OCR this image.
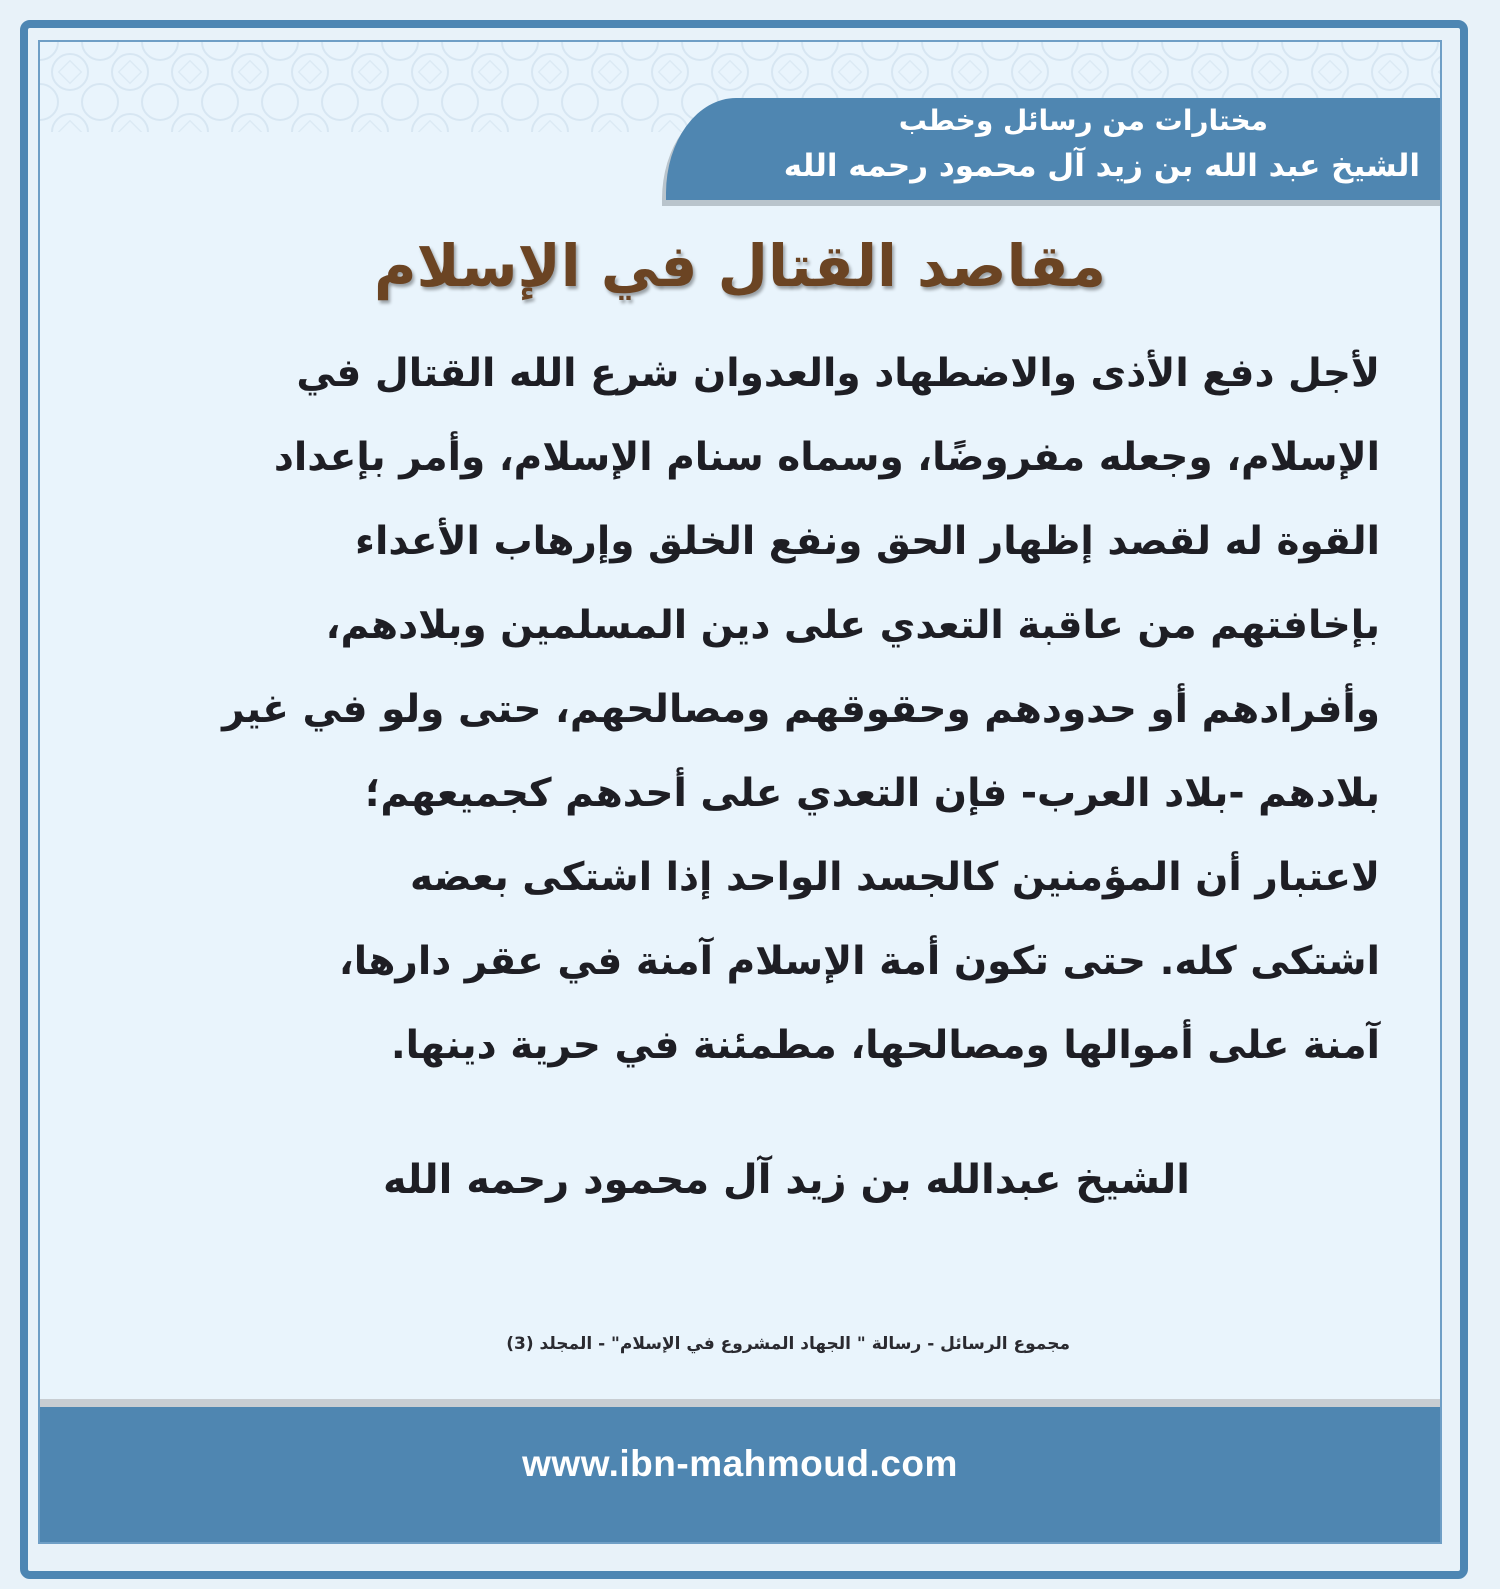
مختارات من رسائل وخطب
الشيخ عبد الله بن زيد آل محمود رحمه الله
مقاصد القتال في الإسلام
لأجل دفع الأذى والاضطهاد والعدوان شرع الله القتال في
الإسلام، وجعله مفروضًا، وسماه سنام الإسلام، وأمر بإعداد
القوة له لقصد إظهار الحق ونفع الخلق وإرهاب الأعداء
بإخافتهم من عاقبة التعدي على دين المسلمين وبلادهم،
وأفرادهم أو حدودهم وحقوقهم ومصالحهم، حتى ولو في غير
بلادهم -بلاد العرب- فإن التعدي على أحدهم كجميعهم؛
لاعتبار أن المؤمنين كالجسد الواحد إذا اشتكى بعضه
اشتكى كله. حتى تكون أمة الإسلام آمنة في عقر دارها،
آمنة على أموالها ومصالحها، مطمئنة في حرية دينها.
الشيخ عبدالله بن زيد آل محمود رحمه الله
مجموع الرسائل - رسالة " الجهاد المشروع في الإسلام" - المجلد (3)
www.ibn-mahmoud.com
